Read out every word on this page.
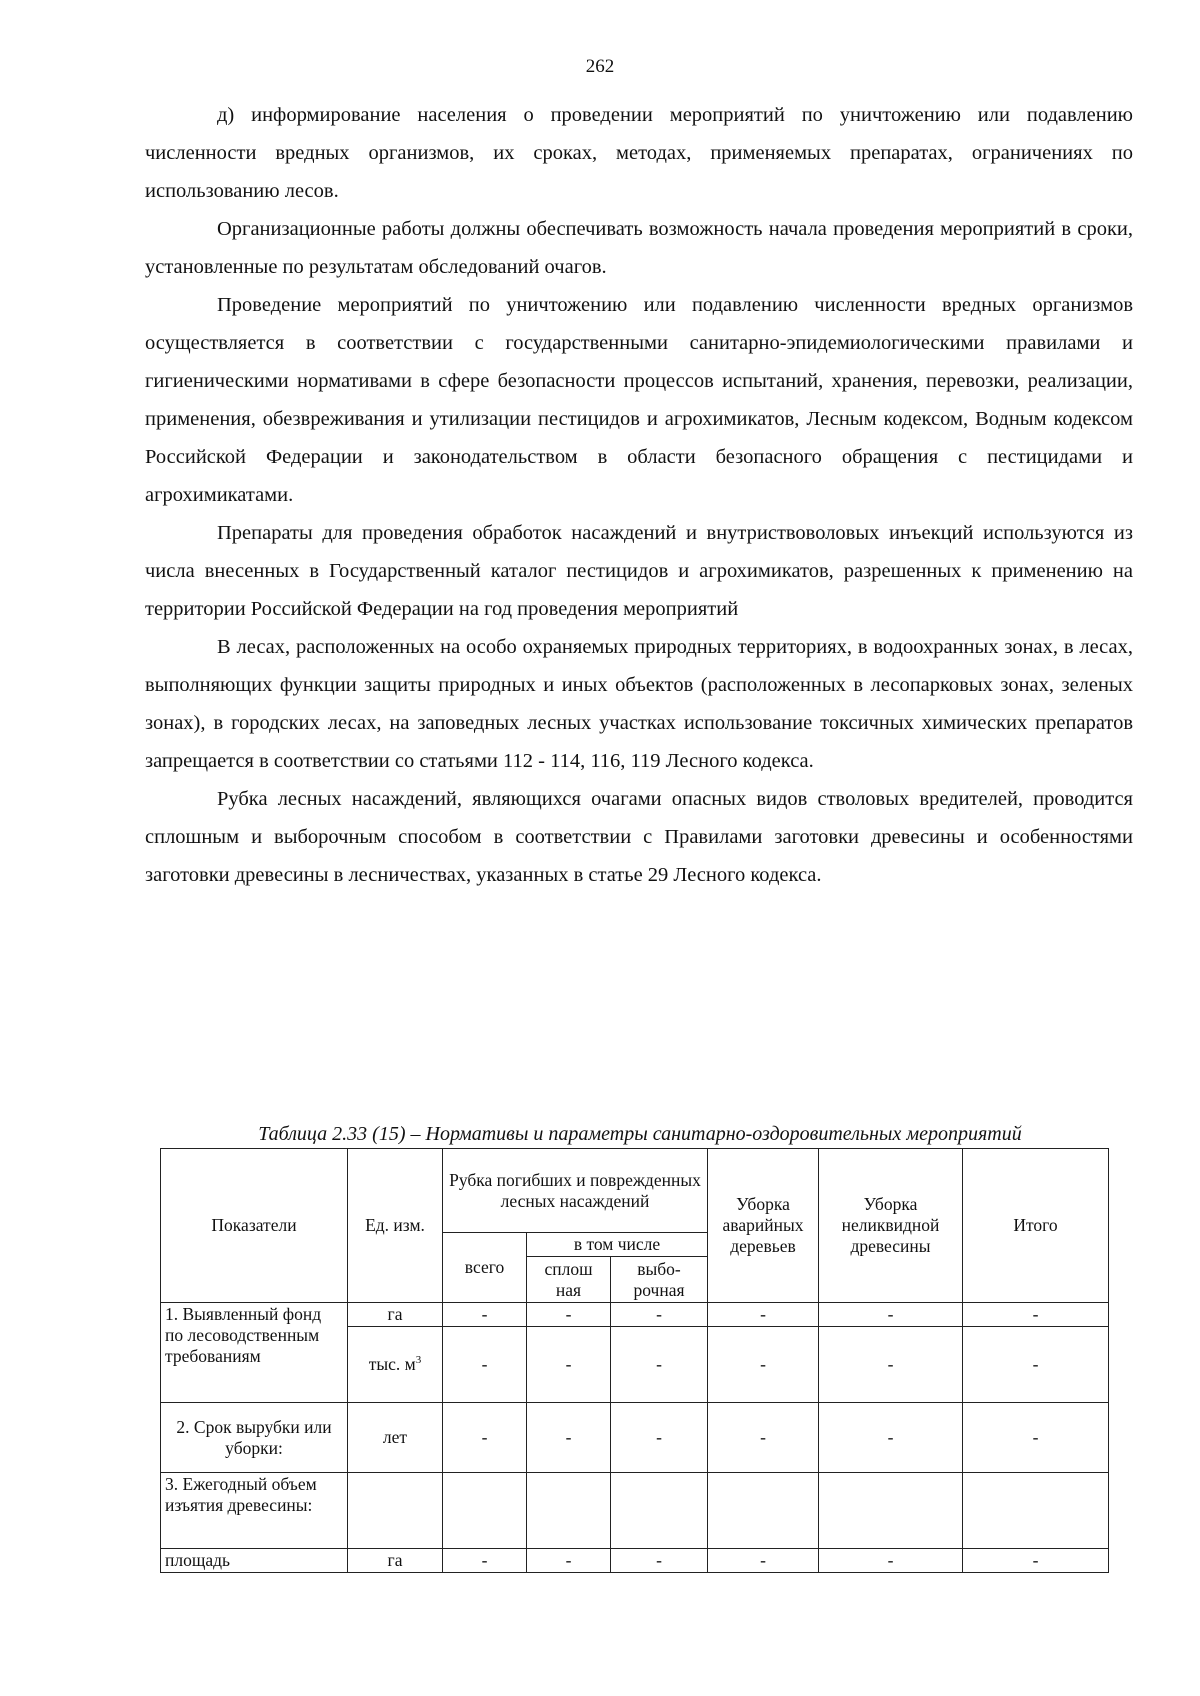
262

д) информирование населения о проведении мероприятий по уничтожению или подавлению численности вредных организмов, их сроках, методах, применяемых препаратах, ограничениях по использованию лесов.

Организационные работы должны обеспечивать возможность начала проведения мероприятий в сроки, установленные по результатам обследований очагов.

Проведение мероприятий по уничтожению или подавлению численности вредных организмов осуществляется в соответствии с государственными санитарно-эпидемиологическими правилами и гигиеническими нормативами в сфере безопасности процессов испытаний, хранения, перевозки, реализации, применения, обезвреживания и утилизации пестицидов и агрохимикатов, Лесным кодексом, Водным кодексом Российской Федерации и законодательством в области безопасного обращения с пестицидами и агрохимикатами.

Препараты для проведения обработок насаждений и внутриствоволовых инъекций используются из числа внесенных в Государственный каталог пестицидов и агрохимикатов, разрешенных к применению на территории Российской Федерации на год проведения мероприятий

В лесах, расположенных на особо охраняемых природных территориях, в водоохранных зонах, в лесах, выполняющих функции защиты природных и иных объектов (расположенных в лесопарковых зонах, зеленых зонах), в городских лесах, на заповедных лесных участках использование токсичных химических препаратов запрещается в соответствии со статьями 112 - 114, 116, 119 Лесного кодекса.

Рубка лесных насаждений, являющихся очагами опасных видов стволовых вредителей, проводится сплошным и выборочным способом в соответствии с Правилами заготовки древесины и особенностями заготовки древесины в лесничествах, указанных в статье 29 Лесного кодекса.

Таблица 2.33 (15) – Нормативы и параметры санитарно-оздоровительных мероприятий
Показатели	Ед. изм.	Рубка погибших и поврежденных лесных насаждений			Уборка аварийных деревьев	Уборка неликвидной древесины	Итого
		всего	в том числе				
			сплош ная	выбо-рочная			
1. Выявленный фонд по лесоводственным требованиям	га	-	-	-	-	-	-
	тыс. $м^3$	-	-	-	-	-	-
2. Срок вырубки или уборки:	лет	-	-	-	-	-	-
3. Ежегодный объем изъятия древесины:							
площадь	га	-	-	-	-	-	-
